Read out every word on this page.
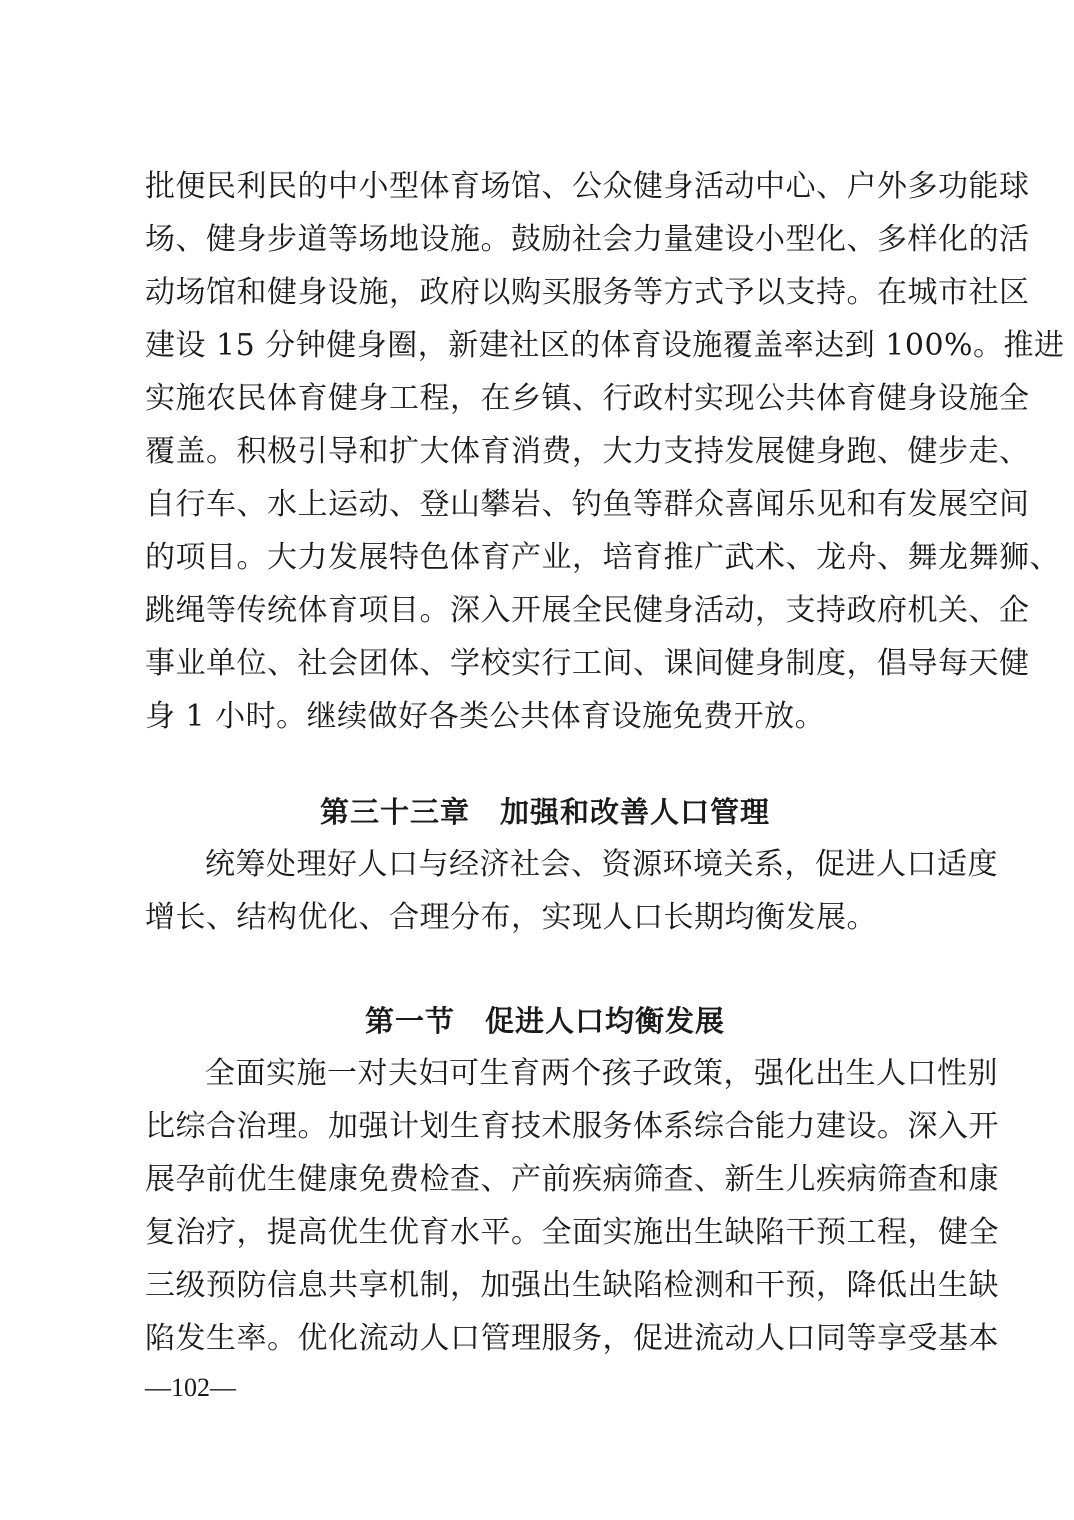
批便民利民的中小型体育场馆、公众健身活动中心、户外多功能球
场、健身步道等场地设施。鼓励社会力量建设小型化、多样化的活
动场馆和健身设施，政府以购买服务等方式予以支持。在城市社区
建设 15 分钟健身圈，新建社区的体育设施覆盖率达到 100%。推进
实施农民体育健身工程，在乡镇、行政村实现公共体育健身设施全
覆盖。积极引导和扩大体育消费，大力支持发展健身跑、健步走、
自行车、水上运动、登山攀岩、钓鱼等群众喜闻乐见和有发展空间
的项目。大力发展特色体育产业，培育推广武术、龙舟、舞龙舞狮、
跳绳等传统体育项目。深入开展全民健身活动，支持政府机关、企
事业单位、社会团体、学校实行工间、课间健身制度，倡导每天健
身 1 小时。继续做好各类公共体育设施免费开放。
第三十三章　加强和改善人口管理
统筹处理好人口与经济社会、资源环境关系，促进人口适度
增长、结构优化、合理分布，实现人口长期均衡发展。
第一节　促进人口均衡发展
全面实施一对夫妇可生育两个孩子政策，强化出生人口性别
比综合治理。加强计划生育技术服务体系综合能力建设。深入开
展孕前优生健康免费检查、产前疾病筛查、新生儿疾病筛查和康
复治疗，提高优生优育水平。全面实施出生缺陷干预工程，健全
三级预防信息共享机制，加强出生缺陷检测和干预，降低出生缺
陷发生率。优化流动人口管理服务，促进流动人口同等享受基本
—102—
